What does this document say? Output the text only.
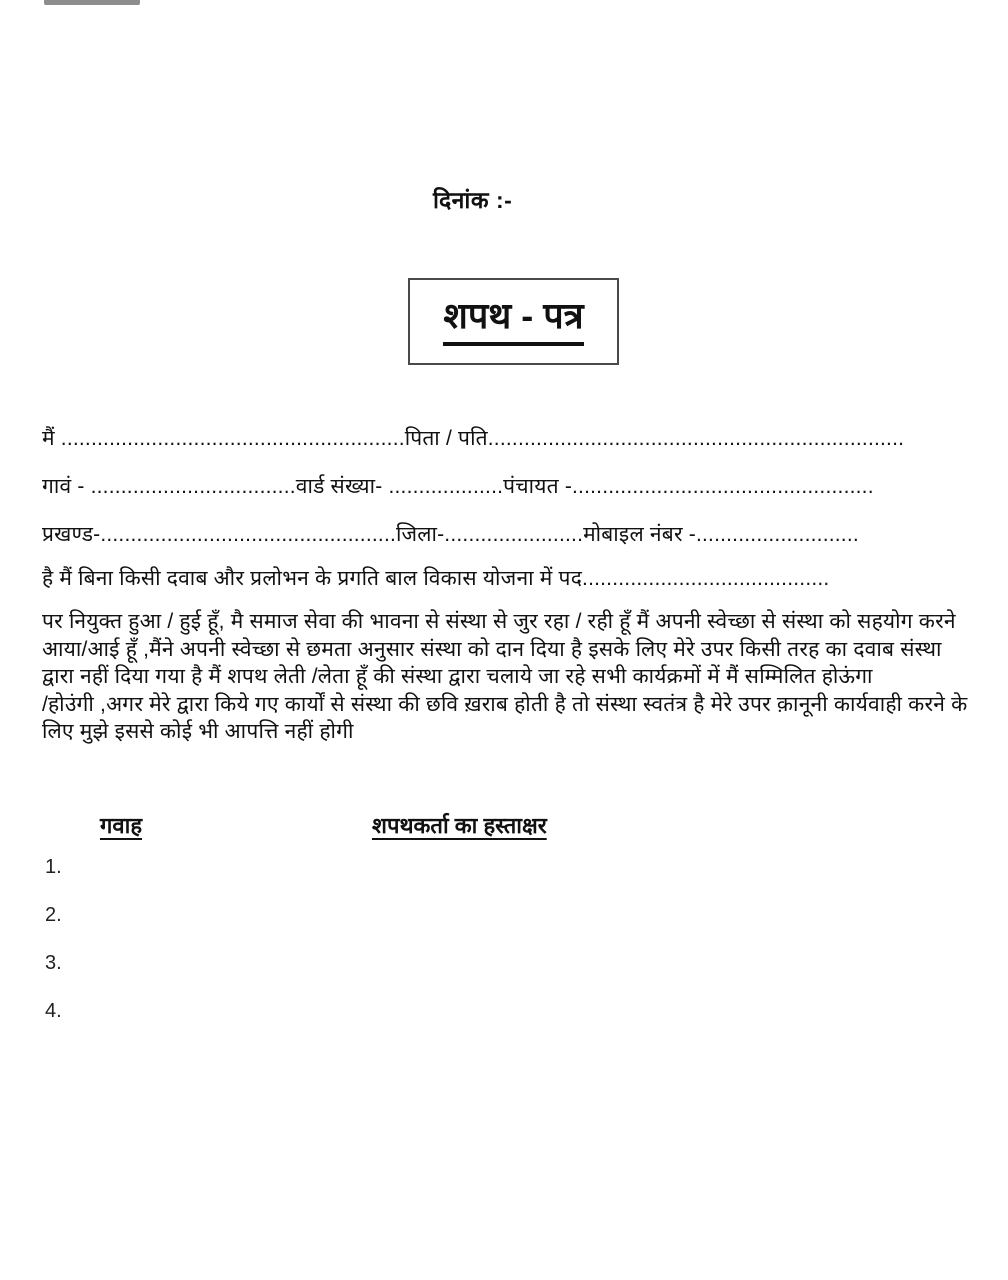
दिनांक :-
शपथ - पत्र
मैं .........................................................पिता / पति.....................................................................
गावं - ..................................वार्ड संख्या- ...................पंचायत -..................................................
प्रखण्ड-.................................................जिला-.......................मोबाइल नंबर -...........................
है मैं बिना किसी दवाब और प्रलोभन के प्रगति बाल विकास योजना में पद.........................................
पर नियुक्त हुआ / हुई हूँ, मै समाज सेवा की भावना से संस्था से जुर रहा / रही हूँ मैं अपनी स्वेच्छा से संस्था को सहयोग करने
आया/आई हूँ ,मैंने अपनी स्वेच्छा से छमता अनुसार संस्था को दान दिया है इसके लिए मेरे उपर किसी तरह का दवाब संस्था
द्वारा नहीं दिया गया है मैं शपथ लेती /लेता हूँ की संस्था द्वारा चलाये जा रहे सभी कार्यक्रमों में मैं सम्मिलित होऊंगा
/होउंगी ,अगर मेरे द्वारा किये गए कार्यों से संस्था की छवि ख़राब होती है तो संस्था स्वतंत्र है मेरे उपर क़ानूनी कार्यवाही करने के
लिए मुझे इससे कोई भी आपत्ति नहीं होगी
गवाह	शपथकर्ता का हस्ताक्षर
1.
2.
3.
4.
